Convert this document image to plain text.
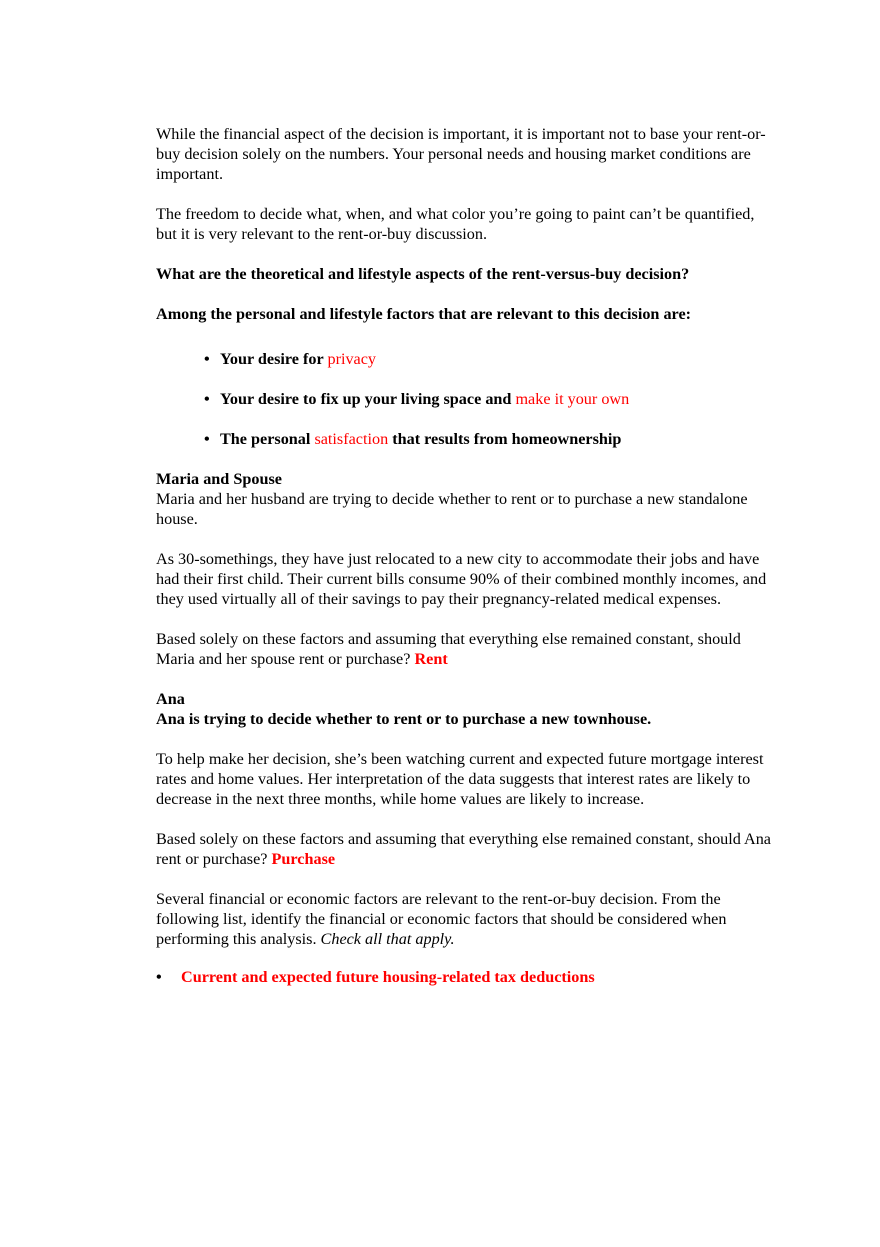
While the financial aspect of the decision is important, it is important not to base your rent-or-buy decision solely on the numbers. Your personal needs and housing market conditions are important.

The freedom to decide what, when, and what color you’re going to paint can’t be quantified, but it is very relevant to the rent-or-buy discussion.

What are the theoretical and lifestyle aspects of the rent-versus-buy decision?

Among the personal and lifestyle factors that are relevant to this decision are:

• Your desire for privacy
• Your desire to fix up your living space and make it your own
• The personal satisfaction that results from homeownership

Maria and Spouse

Maria and her husband are trying to decide whether to rent or to purchase a new standalone house.

As 30-somethings, they have just relocated to a new city to accommodate their jobs and have had their first child. Their current bills consume 90% of their combined monthly incomes, and they used virtually all of their savings to pay their pregnancy-related medical expenses.

Based solely on these factors and assuming that everything else remained constant, should Maria and her spouse rent or purchase? Rent

Ana

Ana is trying to decide whether to rent or to purchase a new townhouse.

To help make her decision, she’s been watching current and expected future mortgage interest rates and home values. Her interpretation of the data suggests that interest rates are likely to decrease in the next three months, while home values are likely to increase.

Based solely on these factors and assuming that everything else remained constant, should Ana rent or purchase? Purchase

Several financial or economic factors are relevant to the rent-or-buy decision. From the following list, identify the financial or economic factors that should be considered when performing this analysis. Check all that apply.

• Current and expected future housing-related tax deductions
